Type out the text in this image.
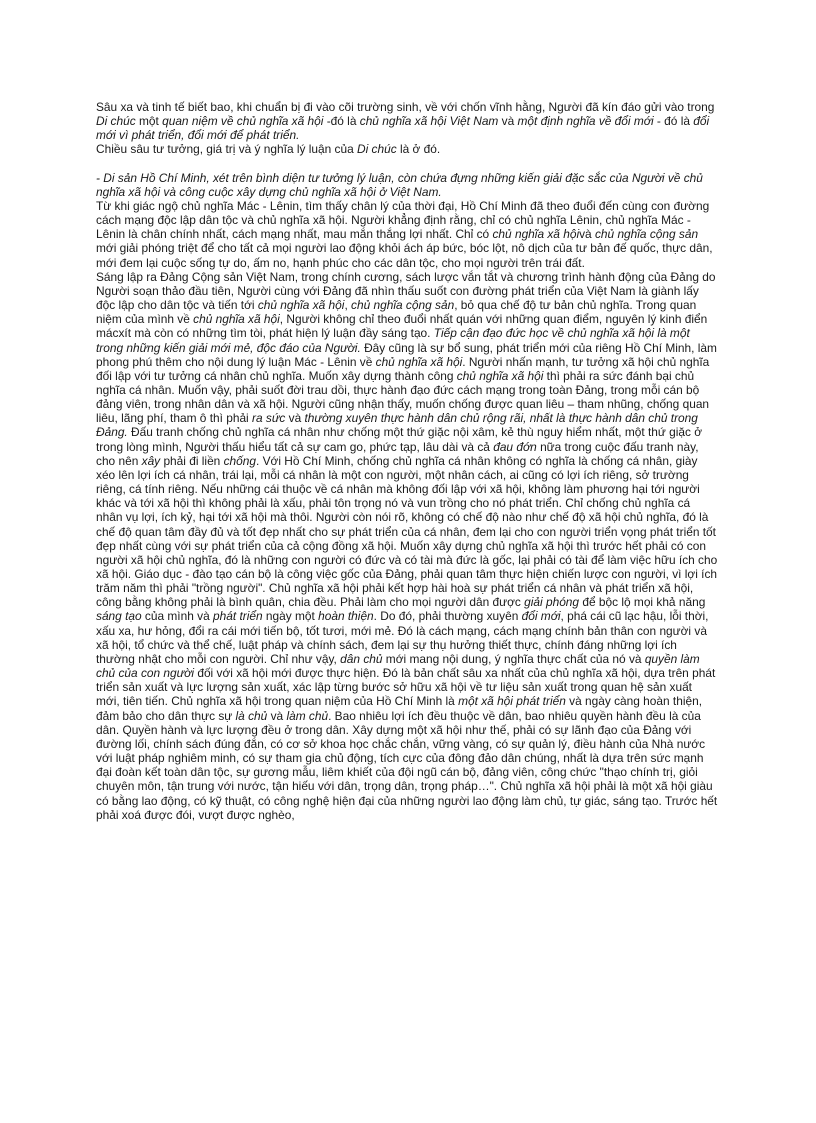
Sâu xa và tinh tế biết bao, khi chuẩn bị đi vào cõi trường sinh, về với chốn vĩnh hằng, Người đã kín đáo gửi vào trong Di chúc một quan niệm về chủ nghĩa xã hội -đó là chủ nghĩa xã hội Việt Nam và một định nghĩa về đổi mới - đó là đổi mới vì phát triển, đổi mới để phát triển.

Chiều sâu tư tưởng, giá trị và ý nghĩa lý luận của Di chúc là ở đó.

- Di sản Hồ Chí Minh, xét trên bình diện tư tưởng lý luận, còn chứa đựng những kiến giải đặc sắc của Người về chủ nghĩa xã hội và công cuộc xây dựng chủ nghĩa xã hội ở Việt Nam.

Từ khi giác ngộ chủ nghĩa Mác - Lênin, tìm thấy chân lý của thời đại, Hồ Chí Minh đã theo đuổi đến cùng con đường cách mạng độc lập dân tộc và chủ nghĩa xã hội. Người khẳng định rằng, chỉ có chủ nghĩa Lênin, chủ nghĩa Mác - Lênin là chân chính nhất, cách mạng nhất, mau mắn thắng lợi nhất. Chỉ có chủ nghĩa xã hộivà chủ nghĩa cộng sản mới giải phóng triệt để cho tất cả mọi người lao động khỏi ách áp bức, bóc lột, nô dịch của tư bản đế quốc, thực dân, mới đem lại cuộc sống tự do, ấm no, hạnh phúc cho các dân tộc, cho mọi người trên trái đất.

Sáng lập ra Đảng Cộng sản Việt Nam, trong chính cương, sách lược vắn tắt và chương trình hành động của Đảng do Người soạn thảo đầu tiên, Người cùng với Đảng đã nhìn thấu suốt con đường phát triển của Việt Nam là giành lấy độc lập cho dân tộc và tiến tới chủ nghĩa xã hội, chủ nghĩa cộng sản, bỏ qua chế độ tư bản chủ nghĩa. Trong quan niệm của mình về chủ nghĩa xã hội, Người không chỉ theo đuổi nhất quán với những quan điểm, nguyên lý kinh điển mácxít mà còn có những tìm tòi, phát hiện lý luận đầy sáng tạo. Tiếp cận đạo đức học về chủ nghĩa xã hội là một trong những kiến giải mới mẻ, độc đáo của Người. Đây cũng là sự bổ sung, phát triển mới của riêng Hồ Chí Minh, làm phong phú thêm cho nội dung lý luận Mác - Lênin về chủ nghĩa xã hội. Người nhấn mạnh, tư tưởng xã hội chủ nghĩa đối lập với tư tưởng cá nhân chủ nghĩa. Muốn xây dựng thành công chủ nghĩa xã hội thì phải ra sức đánh bại chủ nghĩa cá nhân. Muốn vậy, phải suốt đời trau dồi, thực hành đạo đức cách mạng trong toàn Đảng, trong mỗi cán bộ đảng viên, trong nhân dân và xã hội. Người cũng nhận thấy, muốn chống được quan liêu – tham nhũng, chống quan liêu, lãng phí, tham ô thì phải ra sức và thường xuyên thực hành dân chủ rộng rãi, nhất là thực hành dân chủ trong Đảng. Đấu tranh chống chủ nghĩa cá nhân như chống một thứ giặc nội xâm, kẻ thù nguy hiểm nhất, một thứ giặc ở trong lòng mình, Người thấu hiểu tất cả sự cam go, phức tạp, lâu dài và cả đau đớn nữa trong cuộc đấu tranh này, cho nên xây phải đi liền chống. Với Hồ Chí Minh, chống chủ nghĩa cá nhân không có nghĩa là chống cá nhân, giày xéo lên lợi ích cá nhân, trái lại, mỗi cá nhân là một con người, một nhân cách, ai cũng có lợi ích riêng, sở trường riêng, cá tính riêng. Nếu những cái thuộc về cá nhân mà không đối lập với xã hội, không làm phương hại tới người khác và tới xã hội thì không phải là xấu, phải tôn trọng nó và vun trồng cho nó phát triển. Chỉ chống chủ nghĩa cá nhân vụ lợi, ích kỷ, hại tới xã hội mà thôi. Người còn nói rõ, không có chế độ nào như chế độ xã hội chủ nghĩa, đó là chế độ quan tâm đầy đủ và tốt đẹp nhất cho sự phát triển của cá nhân, đem lại cho con người triển vọng phát triển tốt đẹp nhất cùng với sự phát triển của cả cộng đồng xã hội. Muốn xây dựng chủ nghĩa xã hội thì trước hết phải có con người xã hội chủ nghĩa, đó là những con người có đức và có tài mà đức là gốc, lại phải có tài để làm việc hữu ích cho xã hội. Giáo dục - đào tạo cán bộ là công việc gốc của Đảng, phải quan tâm thực hiện chiến lược con người, vì lợi ích trăm năm thì phải "trồng người". Chủ nghĩa xã hội phải kết hợp hài hoà sự phát triển cá nhân và phát triển xã hội, công bằng không phải là bình quân, chia đều. Phải làm cho mọi người dân được giải phóng để bộc lộ mọi khả năng sáng tạo của mình và phát triển ngày một hoàn thiện. Do đó, phải thường xuyên đổi mới, phá cái cũ lạc hậu, lỗi thời, xấu xa, hư hỏng, đổi ra cái mới tiến bộ, tốt tươi, mới mẻ. Đó là cách mạng, cách mạng chính bản thân con người và xã hội, tổ chức và thể chế, luật pháp và chính sách, đem lại sự thụ hưởng thiết thực, chính đáng những lợi ích thường nhật cho mỗi con người. Chỉ như vậy, dân chủ mới mang nội dung, ý nghĩa thực chất của nó và quyền làm chủ của con người đối với xã hội mới được thực hiện. Đó là bản chất sâu xa nhất của chủ nghĩa xã hội, dựa trên phát triển sản xuất và lực lượng sản xuất, xác lập từng bước sở hữu xã hội về tư liệu sản xuất trong quan hệ sản xuất mới, tiên tiến. Chủ nghĩa xã hội trong quan niệm của Hồ Chí Minh là một xã hội phát triển và ngày càng hoàn thiện, đảm bảo cho dân thực sự là chủ và làm chủ. Bao nhiêu lợi ích đều thuộc về dân, bao nhiêu quyền hành đều là của dân. Quyền hành và lực lượng đều ở trong dân. Xây dựng một xã hội như thế, phải có sự lãnh đạo của Đảng với đường lối, chính sách đúng đắn, có cơ sở khoa học chắc chắn, vững vàng, có sự quản lý, điều hành của Nhà nước với luật pháp nghiêm minh, có sự tham gia chủ động, tích cực của đông đảo dân chúng, nhất là dựa trên sức mạnh đại đoàn kết toàn dân tộc, sự gương mẫu, liêm khiết của đội ngũ cán bộ, đảng viên, công chức "thạo chính trị, giỏi chuyên môn, tận trung với nước, tận hiếu với dân, trọng dân, trọng pháp…". Chủ nghĩa xã hội phải là một xã hội giàu có bằng lao động, có kỹ thuật, có công nghệ hiện đại của những người lao động làm chủ, tự giác, sáng tạo. Trước hết phải xoá được đói, vượt được nghèo,
